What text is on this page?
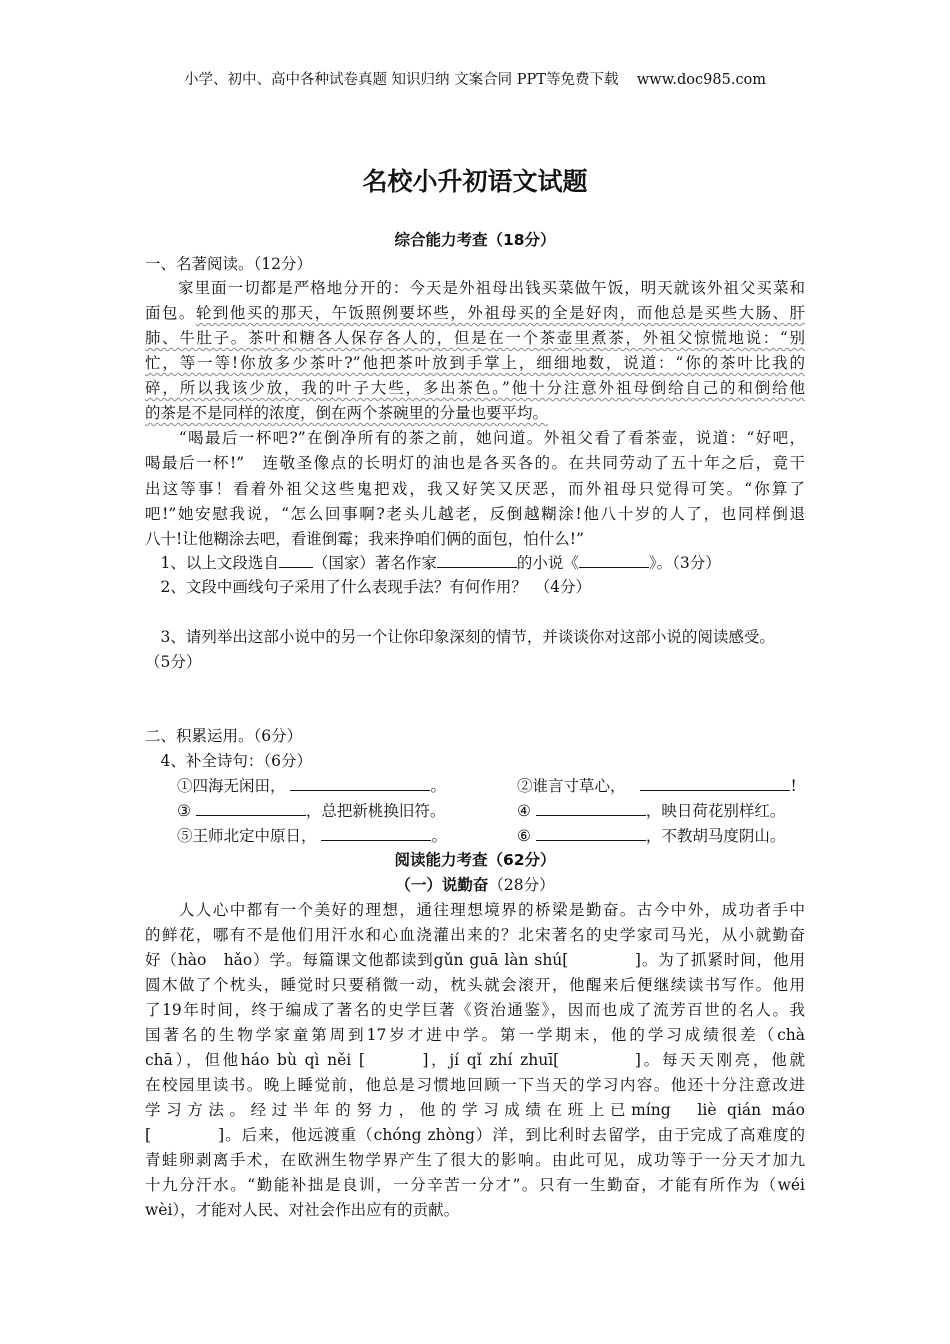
小学、初中、高中各种试卷真题 知识归纳 文案合同 PPT等免费下载    www.doc985.com
名校小升初语文试题
综合能力考查（18分）
一、名著阅读。（12分）
　　家里面一切都是严格地分开的：今天是外祖母出钱买菜做午饭，明天就该外祖父买菜和
面包。轮到他买的那天，午饭照例要坏些，外祖母买的全是好肉，而他总是买些大肠、肝
肺、牛肚子。茶叶和糖各人保存各人的，但是在一个茶壶里煮茶，外祖父惊慌地说：“别
忙，等一等!你放多少茶叶?”他把茶叶放到手掌上，细细地数，说道：“你的茶叶比我的
碎，所以我该少放，我的叶子大些，多出茶色。”他十分注意外祖母倒给自己的和倒给他
的茶是不是同样的浓度，倒在两个茶碗里的分量也要平均。
　　“喝最后一杯吧?”在倒净所有的茶之前，她问道。外祖父看了看茶壶，说道：“好吧，
喝最后一杯!”　连敬圣像点的长明灯的油也是各买各的。在共同劳动了五十年之后，竟干
出这等事！看着外祖父这些鬼把戏，我又好笑又厌恶，而外祖母只觉得可笑。“你算了
吧!”她安慰我说，“怎么回事啊?老头儿越老，反倒越糊涂!他八十岁的人了，也同样倒退
八十!让他糊涂去吧，看谁倒霉；我来挣咱们俩的面包，怕什么!”
　1、以上文段选自 （国家）著名作家	的小说《	》。（3分）
　2、文段中画线句子采用了什么表现手法？有何作用？　（4分）
　3、请列举出这部小说中的另一个让你印象深刻的情节，并谈谈你对这部小说的阅读感受。
（5分）
二、积累运用。（6分）
　4、补全诗句：（6分）
①四海无闲田，	。	②谁言寸草心，	!
③	，总把新桃换旧符。	④	，映日荷花别样红。
⑤王师北定中原日，	。	⑥	，不教胡马度阴山。
阅读能力考查（62分）
（一）说勤奋（28分）
　　人人心中都有一个美好的理想，通往理想境界的桥梁是勤奋。古今中外，成功者手中
的鲜花，哪有不是他们用汗水和心血浇灌出来的？北宋著名的史学家司马光，从小就勤奋
好（hào　hǎo）学。每篇课文他都读到gǔn guā làn shú[　　　　]。为了抓紧时间，他用
圆木做了个枕头，睡觉时只要稍微一动，枕头就会滚开，他醒来后便继续读书写作。他用
了19年时间，终于编成了著名的史学巨著《资治通鉴》，因而也成了流芳百世的名人。我
国著名的生物学家童第周到17岁才进中学。第一学期末，他的学习成绩很差（chà
chā），但他háo bù qì něi [　　　]，jí qǐ zhí zhuī[　　　　]。每天天刚亮，他就
在校园里读书。晚上睡觉前，他总是习惯地回顾一下当天的学习内容。他还十分注意改进
学习方法。经过半年的努力，他的学习成绩在班上已míng　liè qián máo
[　　　　]。后来，他远渡重（chóng zhòng）洋，到比利时去留学，由于完成了高难度的
青蛙卵剥离手术，在欧洲生物学界产生了很大的影响。由此可见，成功等于一分天才加九
十九分汗水。“勤能补拙是良训，一分辛苦一分才”。只有一生勤奋，才能有所作为（wéi
wèi），才能对人民、对社会作出应有的贡献。
